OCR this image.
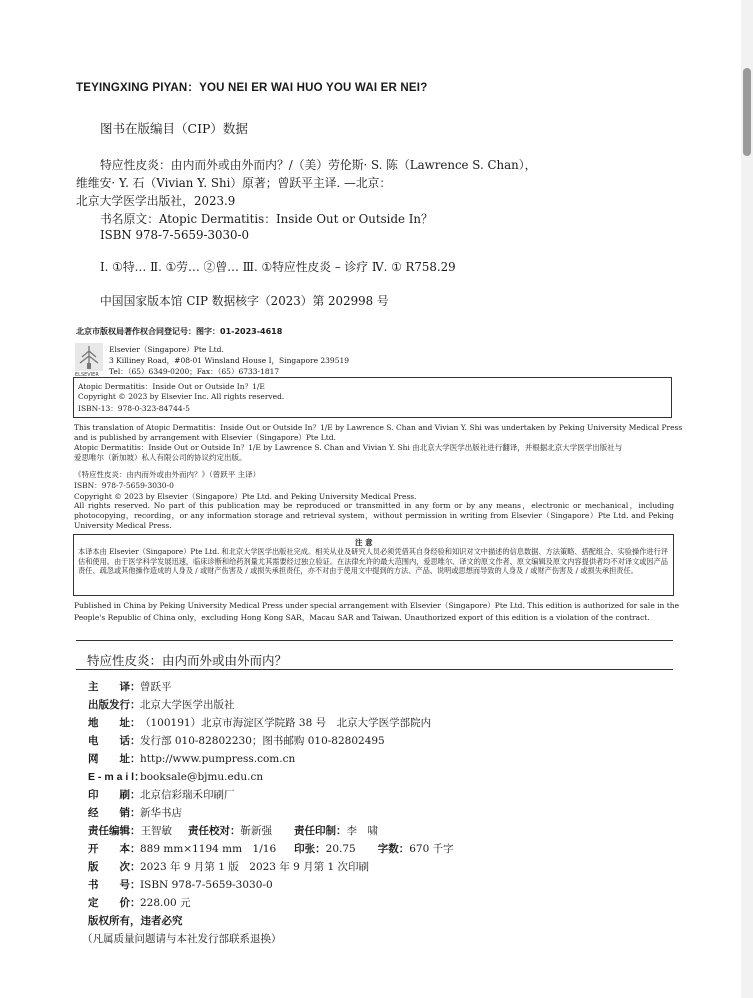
TEYINGXING PIYAN：YOU NEI ER WAI HUO YOU WAI ER NEI?
图书在版编目（CIP）数据
特应性皮炎：由内而外或由外而内？/（美）劳伦斯· S. 陈（Lawrence S. Chan），
维维安· Y. 石（Vivian Y. Shi）原著；曾跃平主译. —北京：
北京大学医学出版社，2023.9
书名原文：Atopic Dermatitis：Inside Out or Outside In？
ISBN 978-7-5659-3030-0
Ⅰ. ①特… Ⅱ. ①劳… ②曾… Ⅲ. ①特应性皮炎 – 诊疗 Ⅳ. ① R758.29
中国国家版本馆 CIP 数据核字（2023）第 202998 号
北京市版权局著作权合同登记号：图字：01-2023-4618
ELSEVIER
Elsevier（Singapore）Pte Ltd.
3 Killiney Road，#08-01 Winsland House I，Singapore 239519
Tel：（65）6349-0200；Fax：（65）6733-1817
Atopic Dermatitis：Inside Out or Outside In？1/E
Copyright © 2023 by Elsevier Inc. All rights reserved.
ISBN-13：978-0-323-84744-5
This translation of Atopic Dermatitis：Inside Out or Outside In？1/E by Lawrence S. Chan and Vivian Y. Shi was undertaken by Peking University Medical Press
and is published by arrangement with Elsevier（Singapore）Pte Ltd.
Atopic Dermatitis：Inside Out or Outside In？1/E by Lawrence S. Chan and Vivian Y. Shi 由北京大学医学出版社进行翻译，并根据北京大学医学出版社与
爱思唯尔（新加坡）私人有限公司的协议约定出版。
《特应性皮炎：由内而外或由外而内？》（曾跃平 主译）
ISBN：978-7-5659-3030-0
Copyright © 2023 by Elsevier（Singapore）Pte Ltd. and Peking University Medical Press.
All rights reserved. No part of this publication may be reproduced or transmitted in any form or by any means，electronic or mechanical，including photocopying，recording，or any information storage and retrieval system，without permission in writing from Elsevier（Singapore）Pte Ltd. and Peking University Medical Press.
注 意
本译本由 Elsevier（Singapore）Pte Ltd. 和北京大学医学出版社完成。相关从业及研究人员必须凭借其自身经验和知识对文中描述的信息数据、方法策略、搭配组合、实验操作进行评估和使用。由于医学科学发展迅速，临床诊断和给药剂量尤其需要经过独立验证。在法律允许的最大范围内，爱思唯尔、译文的原文作者、原文编辑及原文内容提供者均不对译文或因产品责任、疏忽或其他操作造成的人身及 / 或财产伤害及 / 或损失承担责任，亦不对由于使用文中提到的方法、产品、说明或思想而导致的人身及 / 或财产伤害及 / 或损失承担责任。
Published in China by Peking University Medical Press under special arrangement with Elsevier（Singapore）Pte Ltd. This edition is authorized for sale in the
People's Republic of China only，excluding Hong Kong SAR，Macau SAR and Taiwan. Unauthorized export of this edition is a violation of the contract.
特应性皮炎：由内而外或由外而内？
主　　译：曾跃平
出版发行：北京大学医学出版社
地　　址：（100191）北京市海淀区学院路 38 号　北京大学医学部院内
电　　话：发行部 010-82802230；图书邮购 010-82802495
网　　址：http://www.pumpress.com.cn
E - m a i l：booksale@bjmu.edu.cn
印　　刷：北京信彩瑞禾印刷厂
经　　销：新华书店
责任编辑：王智敏 责任校对：靳新强 责任印制：李　啸
开　　本：889 mm×1194 mm　1/16 印张：20.75 字数：670 千字
版　　次：2023 年 9 月第 1 版　2023 年 9 月第 1 次印刷
书　　号：ISBN 978-7-5659-3030-0
定　　价：228.00 元
版权所有，违者必究
（凡属质量问题请与本社发行部联系退换）
